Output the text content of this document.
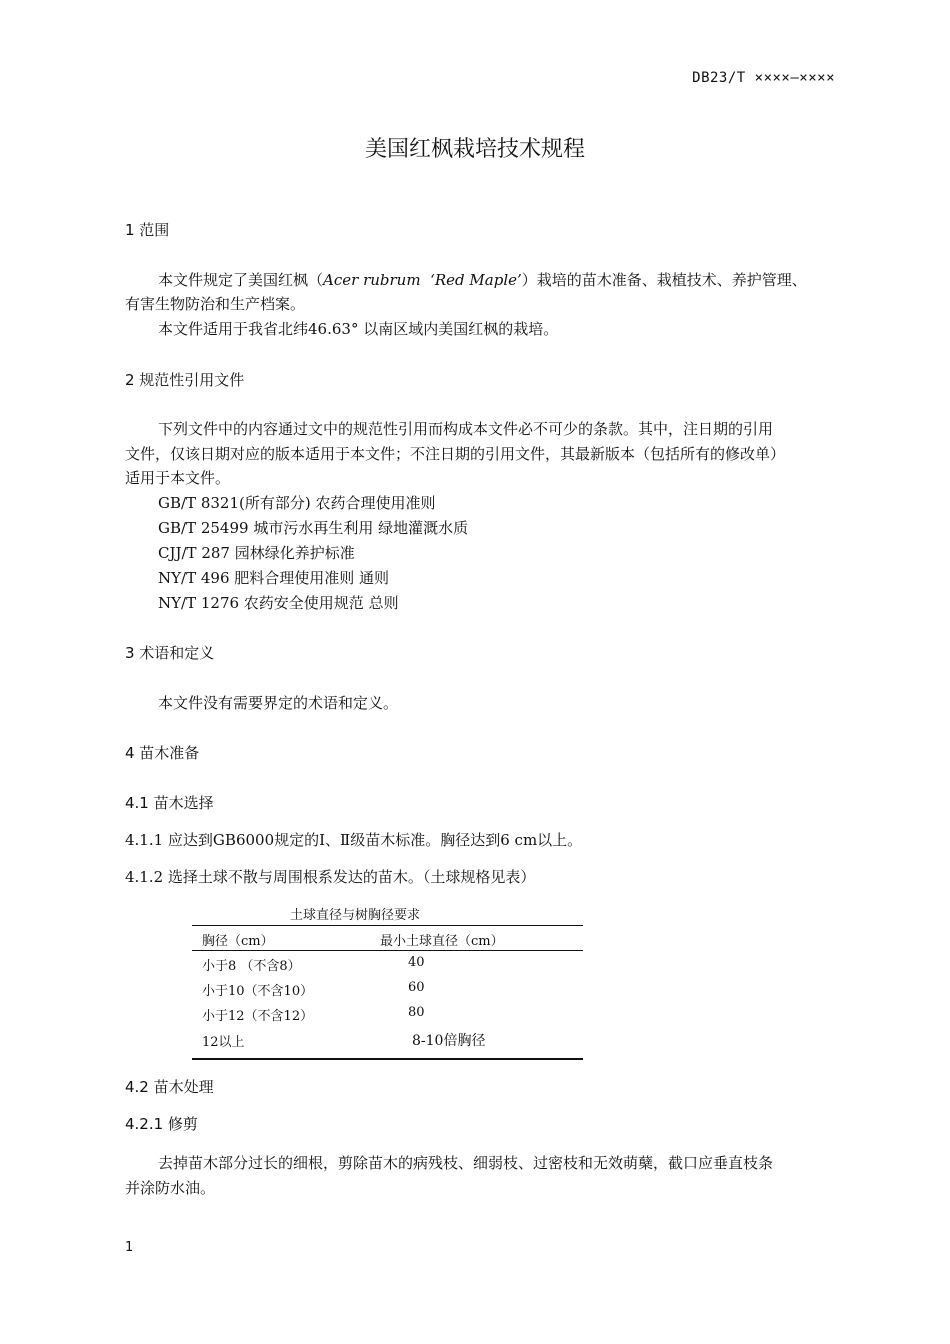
DB23/T ××××—××××
美国红枫栽培技术规程
1 范围
本文件规定了美国红枫（Acer rubrum ‘Red Maple’）栽培的苗木准备、栽植技术、养护管理、
有害生物防治和生产档案。
本文件适用于我省北纬46.63° 以南区域内美国红枫的栽培。
2 规范性引用文件
下列文件中的内容通过文中的规范性引用而构成本文件必不可少的条款。其中，注日期的引用
文件，仅该日期对应的版本适用于本文件；不注日期的引用文件，其最新版本（包括所有的修改单）
适用于本文件。
GB/T 8321(所有部分) 农药合理使用准则
GB/T 25499 城市污水再生利用 绿地灌溉水质
CJJ/T 287 园林绿化养护标准
NY/T 496 肥料合理使用准则 通则
NY/T 1276 农药安全使用规范 总则
3 术语和定义
本文件没有需要界定的术语和定义。
4 苗木准备
4.1 苗木选择
4.1.1 应达到GB6000规定的Ⅰ、Ⅱ级苗木标准。胸径达到6 cm以上。
4.1.2 选择土球不散与周围根系发达的苗木。（土球规格见表）
土球直径与树胸径要求
胸径（cm）	最小土球直径（cm）
小于8 （不含8）	40
小于10（不含10）	60
小于12（不含12）	80
12以上	8-10倍胸径
4.2 苗木处理
4.2.1 修剪
去掉苗木部分过长的细根，剪除苗木的病残枝、细弱枝、过密枝和无效萌蘖，截口应垂直枝条
并涂防水油。
1
